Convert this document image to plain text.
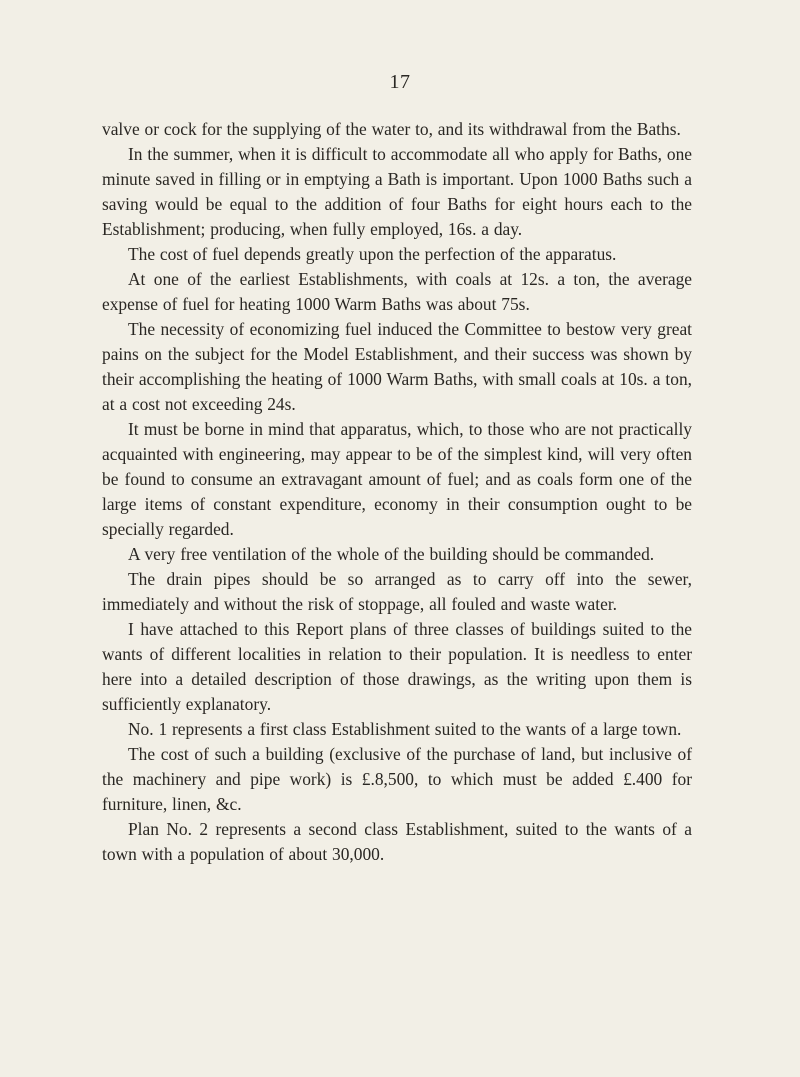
17

valve or cock for the supplying of the water to, and its withdrawal from the Baths.

In the summer, when it is difficult to accommodate all who apply for Baths, one minute saved in filling or in emptying a Bath is important. Upon 1000 Baths such a saving would be equal to the addition of four Baths for eight hours each to the Establishment; producing, when fully employed, 16s. a day.

The cost of fuel depends greatly upon the perfection of the apparatus.

At one of the earliest Establishments, with coals at 12s. a ton, the average expense of fuel for heating 1000 Warm Baths was about 75s.

The necessity of economizing fuel induced the Committee to bestow very great pains on the subject for the Model Establishment, and their success was shown by their accomplishing the heating of 1000 Warm Baths, with small coals at 10s. a ton, at a cost not exceeding 24s.

It must be borne in mind that apparatus, which, to those who are not practically acquainted with engineering, may appear to be of the simplest kind, will very often be found to consume an extravagant amount of fuel; and as coals form one of the large items of constant expenditure, economy in their consumption ought to be specially regarded.

A very free ventilation of the whole of the building should be commanded.

The drain pipes should be so arranged as to carry off into the sewer, immediately and without the risk of stoppage, all fouled and waste water.

I have attached to this Report plans of three classes of buildings suited to the wants of different localities in relation to their population. It is needless to enter here into a detailed description of those drawings, as the writing upon them is sufficiently explanatory.

No. 1 represents a first class Establishment suited to the wants of a large town.

The cost of such a building (exclusive of the purchase of land, but inclusive of the machinery and pipe work) is £.8,500, to which must be added £.400 for furniture, linen, &c.

Plan No. 2 represents a second class Establishment, suited to the wants of a town with a population of about 30,000.
